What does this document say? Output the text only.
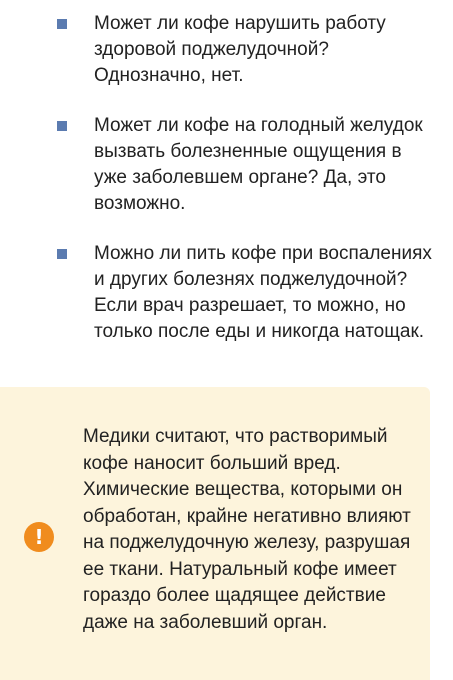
Может ли кофе нарушить работу здоровой поджелудочной? Однозначно, нет.
Может ли кофе на голодный желудок вызвать болезненные ощущения в уже заболевшем органе? Да, это возможно.
Можно ли пить кофе при воспалениях и других болезнях поджелудочной? Если врач разрешает, то можно, но только после еды и никогда натощак.
!

Медики считают, что растворимый кофе наносит больший вред. Химические вещества, которыми он обработан, крайне негативно влияют на поджелудочную железу, разрушая ее ткани. Натуральный кофе имеет гораздо более щадящее действие даже на заболевший орган.
